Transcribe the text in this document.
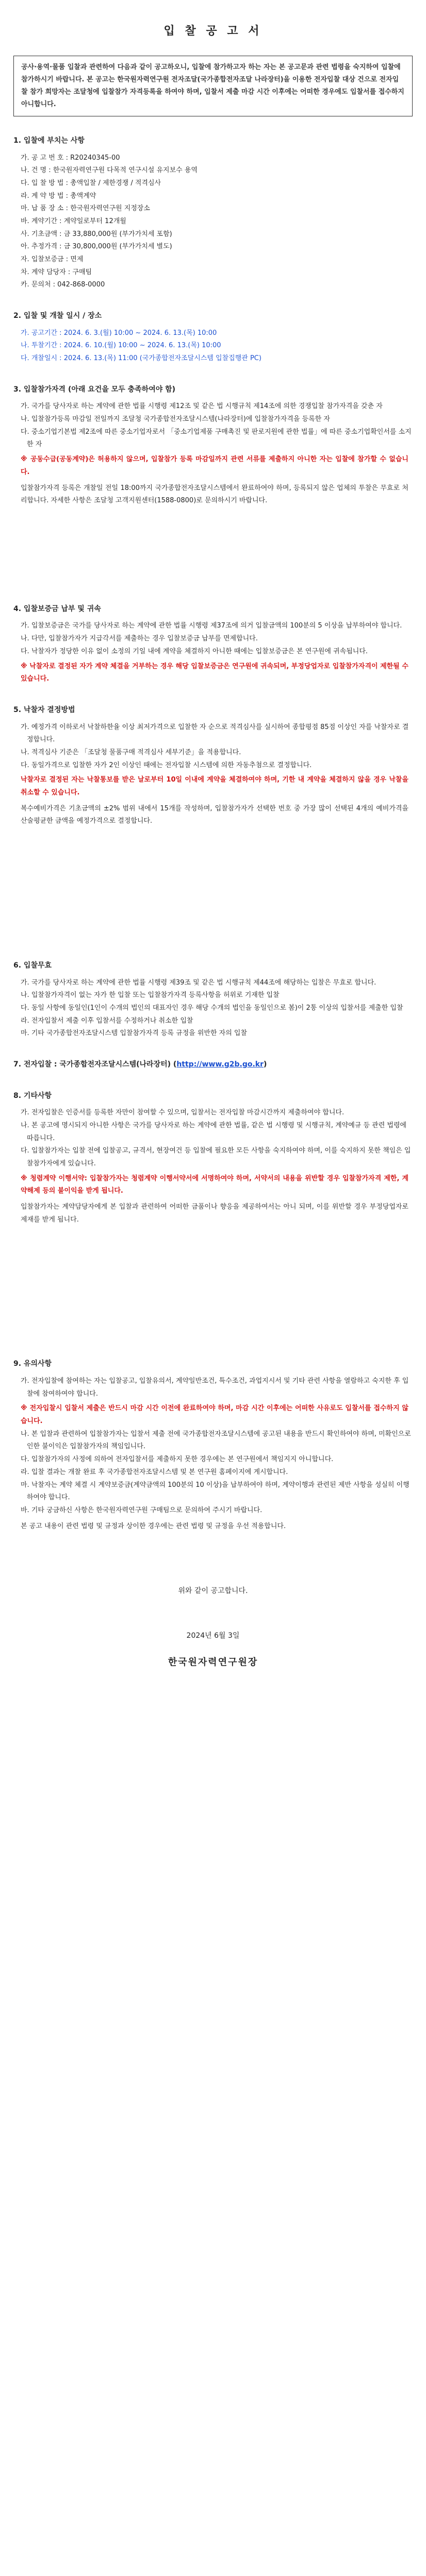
입 찰 공 고 서
공사·용역·물품 입찰과 관련하여 다음과 같이 공고하오니, 입찰에 참가하고자 하는 자는 본 공고문과 관련 법령을 숙지하여 입찰에 참가하시기 바랍니다. 본 공고는 한국원자력연구원 전자조달(국가종합전자조달 나라장터)을 이용한 전자입찰 대상 건으로 전자입찰 참가 희망자는 조달청에 입찰참가 자격등록을 하여야 하며, 입찰서 제출 마감 시간 이후에는 어떠한 경우에도 입찰서를 접수하지 아니합니다.
1. 입찰에 부치는 사항
가. 공 고 번 호 : R20240345-00
나. 건 명 : 한국원자력연구원 다목적 연구시설 유지보수 용역
다. 입 찰 방 법 : 총액입찰 / 제한경쟁 / 적격심사
라. 계 약 방 법 : 총액계약
마. 납 품 장 소 : 한국원자력연구원 지정장소
바. 계약기간 : 계약일로부터 12개월
사. 기초금액 : 금 33,880,000원 (부가가치세 포함)
아. 추정가격 : 금 30,800,000원 (부가가치세 별도)
자. 입찰보증금 : 면제
차. 계약 담당자 : 구매팀
카. 문의처 : 042-868-0000
2. 입찰 및 개찰 일시 / 장소
가. 공고기간 : 2024. 6. 3.(월) 10:00 ~ 2024. 6. 13.(목) 10:00
나. 투찰기간 : 2024. 6. 10.(월) 10:00 ~ 2024. 6. 13.(목) 10:00
다. 개찰일시 : 2024. 6. 13.(목) 11:00 (국가종합전자조달시스템 입찰집행관 PC)
3. 입찰참가자격 (아래 요건을 모두 충족하여야 함)
가. 국가를 당사자로 하는 계약에 관한 법률 시행령 제12조 및 같은 법 시행규칙 제14조에 의한 경쟁입찰 참가자격을 갖춘 자
나. 입찰참가등록 마감일 전일까지 조달청 국가종합전자조달시스템(나라장터)에 입찰참가자격을 등록한 자
다. 중소기업기본법 제2조에 따른 중소기업자로서 「중소기업제품 구매촉진 및 판로지원에 관한 법률」에 따른 중소기업확인서를 소지한 자
※ 공동수급(공동계약)은 허용하지 않으며, 입찰참가 등록 마감일까지 관련 서류를 제출하지 아니한 자는 입찰에 참가할 수 없습니다.
입찰참가자격 등록은 개찰일 전일 18:00까지 국가종합전자조달시스템에서 완료하여야 하며, 등록되지 않은 업체의 투찰은 무효로 처리합니다. 자세한 사항은 조달청 고객지원센터(1588-0800)로 문의하시기 바랍니다.
4. 입찰보증금 납부 및 귀속
가. 입찰보증금은 국가를 당사자로 하는 계약에 관한 법률 시행령 제37조에 의거 입찰금액의 100분의 5 이상을 납부하여야 합니다.
나. 다만, 입찰참가자가 지급각서를 제출하는 경우 입찰보증금 납부를 면제합니다.
다. 낙찰자가 정당한 이유 없이 소정의 기일 내에 계약을 체결하지 아니한 때에는 입찰보증금은 본 연구원에 귀속됩니다.
※ 낙찰자로 결정된 자가 계약 체결을 거부하는 경우 해당 입찰보증금은 연구원에 귀속되며, 부정당업자로 입찰참가자격이 제한될 수 있습니다.
5. 낙찰자 결정방법
가. 예정가격 이하로서 낙찰하한율 이상 최저가격으로 입찰한 자 순으로 적격심사를 실시하여 종합평점 85점 이상인 자를 낙찰자로 결정합니다.
나. 적격심사 기준은 「조달청 물품구매 적격심사 세부기준」을 적용합니다.
다. 동일가격으로 입찰한 자가 2인 이상인 때에는 전자입찰 시스템에 의한 자동추첨으로 결정합니다.
낙찰자로 결정된 자는 낙찰통보를 받은 날로부터 10일 이내에 계약을 체결하여야 하며, 기한 내 계약을 체결하지 않을 경우 낙찰을 취소할 수 있습니다.
복수예비가격은 기초금액의 ±2% 범위 내에서 15개를 작성하며, 입찰참가자가 선택한 번호 중 가장 많이 선택된 4개의 예비가격을 산술평균한 금액을 예정가격으로 결정합니다.
6. 입찰무효
가. 국가를 당사자로 하는 계약에 관한 법률 시행령 제39조 및 같은 법 시행규칙 제44조에 해당하는 입찰은 무효로 합니다.
나. 입찰참가자격이 없는 자가 한 입찰 또는 입찰참가자격 등록사항을 허위로 기재한 입찰
다. 동일 사항에 동일인(1인이 수개의 법인의 대표자인 경우 해당 수개의 법인을 동일인으로 봄)이 2통 이상의 입찰서를 제출한 입찰
라. 전자입찰서 제출 이후 입찰서를 수정하거나 취소한 입찰
마. 기타 국가종합전자조달시스템 입찰참가자격 등록 규정을 위반한 자의 입찰
7. 전자입찰 : 국가종합전자조달시스템(나라장터) (http://www.g2b.go.kr)
8. 기타사항
가. 전자입찰은 인증서를 등록한 자만이 참여할 수 있으며, 입찰서는 전자입찰 마감시간까지 제출하여야 합니다.
나. 본 공고에 명시되지 아니한 사항은 국가를 당사자로 하는 계약에 관한 법률, 같은 법 시행령 및 시행규칙, 계약예규 등 관련 법령에 따릅니다.
다. 입찰참가자는 입찰 전에 입찰공고, 규격서, 현장여건 등 입찰에 필요한 모든 사항을 숙지하여야 하며, 이를 숙지하지 못한 책임은 입찰참가자에게 있습니다.
※ 청렴계약 이행서약: 입찰참가자는 청렴계약 이행서약서에 서명하여야 하며, 서약서의 내용을 위반할 경우 입찰참가자격 제한, 계약해제 등의 불이익을 받게 됩니다.
입찰참가자는 계약담당자에게 본 입찰과 관련하여 어떠한 금품이나 향응을 제공하여서는 아니 되며, 이를 위반할 경우 부정당업자로 제재를 받게 됩니다.
9. 유의사항
가. 전자입찰에 참여하는 자는 입찰공고, 입찰유의서, 계약일반조건, 특수조건, 과업지시서 및 기타 관련 사항을 열람하고 숙지한 후 입찰에 참여하여야 합니다.
※ 전자입찰시 입찰서 제출은 반드시 마감 시간 이전에 완료하여야 하며, 마감 시간 이후에는 어떠한 사유로도 입찰서를 접수하지 않습니다.
나. 본 입찰과 관련하여 입찰참가자는 입찰서 제출 전에 국가종합전자조달시스템에 공고된 내용을 반드시 확인하여야 하며, 미확인으로 인한 불이익은 입찰참가자의 책임입니다.
다. 입찰참가자의 사정에 의하여 전자입찰서를 제출하지 못한 경우에는 본 연구원에서 책임지지 아니합니다.
라. 입찰 결과는 개찰 완료 후 국가종합전자조달시스템 및 본 연구원 홈페이지에 게시합니다.
마. 낙찰자는 계약 체결 시 계약보증금(계약금액의 100분의 10 이상)을 납부하여야 하며, 계약이행과 관련된 제반 사항을 성실히 이행하여야 합니다.
바. 기타 궁금하신 사항은 한국원자력연구원 구매팀으로 문의하여 주시기 바랍니다.
본 공고 내용이 관련 법령 및 규정과 상이한 경우에는 관련 법령 및 규정을 우선 적용합니다.
위와 같이 공고합니다.
2024년 6월 3일
한국원자력연구원장
